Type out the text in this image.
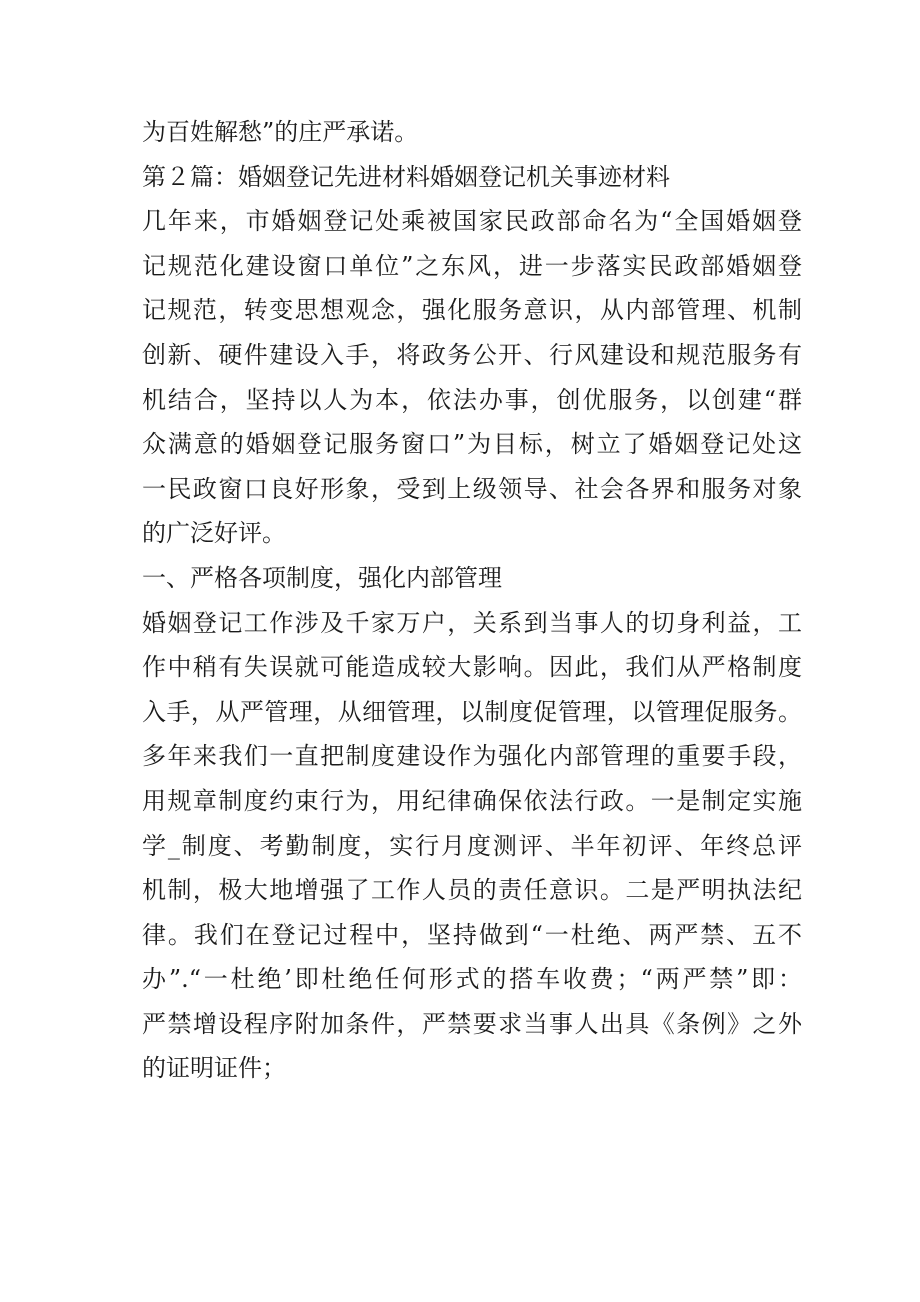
为百姓解愁”的庄严承诺。
第２篇：婚姻登记先进材料婚姻登记机关事迹材料
几年来，市婚姻登记处乘被国家民政部命名为“全国婚姻登
记规范化建设窗口单位”之东风，进一步落实民政部婚姻登
记规范，转变思想观念，强化服务意识，从内部管理、机制
创新、硬件建设入手，将政务公开、行风建设和规范服务有
机结合，坚持以人为本，依法办事，创优服务，以创建“群
众满意的婚姻登记服务窗口”为目标，树立了婚姻登记处这
一民政窗口良好形象，受到上级领导、社会各界和服务对象
的广泛好评。
一、严格各项制度，强化内部管理
婚姻登记工作涉及千家万户，关系到当事人的切身利益，工
作中稍有失误就可能造成较大影响。因此，我们从严格制度
入手，从严管理，从细管理，以制度促管理，以管理促服务。
多年来我们一直把制度建设作为强化内部管理的重要手段，
用规章制度约束行为，用纪律确保依法行政。一是制定实施
学_制度、考勤制度，实行月度测评、半年初评、年终总评
机制，极大地增强了工作人员的责任意识。二是严明执法纪
律。我们在登记过程中，坚持做到“一杜绝、两严禁、五不
办”.“一杜绝’即杜绝任何形式的搭车收费；“两严禁”即：
严禁增设程序附加条件，严禁要求当事人出具《条例》之外
的证明证件；
